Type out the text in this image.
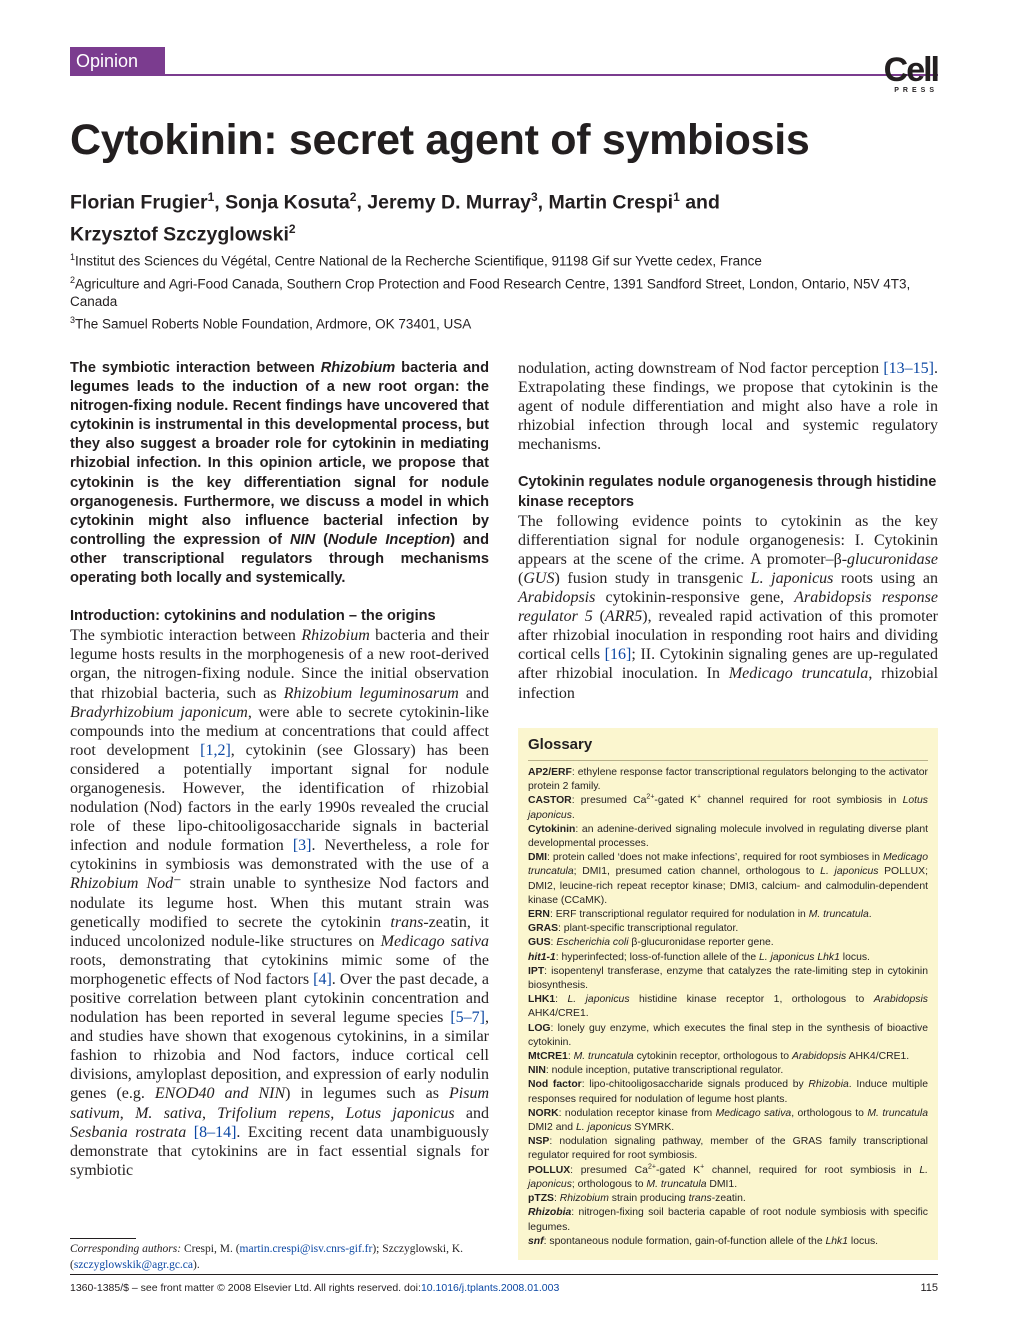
Opinion	Cell
PRESS
Cytokinin: secret agent of symbiosis
Florian Frugier$^1$, Sonja Kosuta$^2$, Jeremy D. Murray$^3$, Martin Crespi$^1$ and
Krzysztof Szczyglowski$^2$
$^1$Institut des Sciences du Végétal, Centre National de la Recherche Scientifique, 91198 Gif sur Yvette cedex, France
$^2$Agriculture and Agri-Food Canada, Southern Crop Protection and Food Research Centre, 1391 Sandford Street, London, Ontario, N5V 4T3, Canada
$^3$The Samuel Roberts Noble Foundation, Ardmore, OK 73401, USA

The symbiotic interaction between Rhizobium bacteria and legumes leads to the induction of a new root organ: the nitrogen-fixing nodule. Recent findings have uncovered that cytokinin is instrumental in this developmental process, but they also suggest a broader role for cytokinin in mediating rhizobial infection. In this opinion article, we propose that cytokinin is the key differentiation signal for nodule organogenesis. Furthermore, we discuss a model in which cytokinin might also influence bacterial infection by controlling the expression of NIN (Nodule Inception) and other transcriptional regulators through mechanisms operating both locally and systemically.

Introduction: cytokinins and nodulation – the origins

The symbiotic interaction between Rhizobium bacteria and their legume hosts results in the morphogenesis of a new root-derived organ, the nitrogen-fixing nodule. Since the initial observation that rhizobial bacteria, such as Rhizobium leguminosarum and Bradyrhizobium japonicum, were able to secrete cytokinin-like compounds into the medium at concentrations that could affect root development [1,2], cytokinin (see Glossary) has been considered a potentially important signal for nodule organogenesis. However, the identification of rhizobial nodulation (Nod) factors in the early 1990s revealed the crucial role of these lipo-chitooligosaccharide signals in bacterial infection and nodule formation [3]. Nevertheless, a role for cytokinins in symbiosis was demonstrated with the use of a Rhizobium Nod⁻ strain unable to synthesize Nod factors and nodulate its legume host. When this mutant strain was genetically modified to secrete the cytokinin trans-zeatin, it induced uncolonized nodule-like structures on Medicago sativa roots, demonstrating that cytokinins mimic some of the morphogenetic effects of Nod factors [4]. Over the past decade, a positive correlation between plant cytokinin concentration and nodulation has been reported in several legume species [5–7], and studies have shown that exogenous cytokinins, in a similar fashion to rhizobia and Nod factors, induce cortical cell divisions, amyloplast deposition, and expression of early nodulin genes (e.g. ENOD40 and NIN) in legumes such as Pisum sativum, M. sativa, Trifolium repens, Lotus japonicus and Sesbania rostrata [8–14]. Exciting recent data unambiguously demonstrate that cytokinins are in fact essential signals for symbiotic

nodulation, acting downstream of Nod factor perception [13–15]. Extrapolating these findings, we propose that cytokinin is the agent of nodule differentiation and might also have a role in rhizobial infection through local and systemic regulatory mechanisms.

Cytokinin regulates nodule organogenesis through histidine kinase receptors

The following evidence points to cytokinin as the key differentiation signal for nodule organogenesis: I. Cytokinin appears at the scene of the crime. A promoter–β-glucuronidase (GUS) fusion study in transgenic L. japonicus roots using an Arabidopsis cytokinin-responsive gene, Arabidopsis response regulator 5 (ARR5), revealed rapid activation of this promoter after rhizobial inoculation in responding root hairs and dividing cortical cells [16]; II. Cytokinin signaling genes are up-regulated after rhizobial inoculation. In Medicago truncatula, rhizobial infection

Glossary

AP2/ERF: ethylene response factor transcriptional regulators belonging to the activator protein 2 family.

CASTOR: presumed $Ca^{2+}$-gated K+ channel required for root symbiosis in Lotus japonicus.

Cytokinin: an adenine-derived signaling molecule involved in regulating diverse plant developmental processes.

DMI: protein called ‘does not make infections’, required for root symbioses in Medicago truncatula; DMI1, presumed cation channel, orthologous to L. japonicus POLLUX; DMI2, leucine-rich repeat receptor kinase; DMI3, calcium- and calmodulin-dependent kinase (CCaMK).

ERN: ERF transcriptional regulator required for nodulation in M. truncatula.

GRAS: plant-specific transcriptional regulator.

GUS: Escherichia coli β-glucuronidase reporter gene.

hit1-1: hyperinfected; loss-of-function allele of the L. japonicus Lhk1 locus.

IPT: isopentenyl transferase, enzyme that catalyzes the rate-limiting step in cytokinin biosynthesis.

LHK1: L. japonicus histidine kinase receptor 1, orthologous to Arabidopsis AHK4/CRE1.

LOG: lonely guy enzyme, which executes the final step in the synthesis of bioactive cytokinin.

MtCRE1: M. truncatula cytokinin receptor, orthologous to Arabidopsis AHK4/CRE1.

NIN: nodule inception, putative transcriptional regulator.

Nod factor: lipo-chitooligosaccharide signals produced by Rhizobia. Induce multiple responses required for nodulation of legume host plants.

NORK: nodulation receptor kinase from Medicago sativa, orthologous to M. truncatula DMI2 and L. japonicus SYMRK.

NSP: nodulation signaling pathway, member of the GRAS family transcriptional regulator required for root symbiosis.

POLLUX: presumed $Ca^{2+}$-gated K+ channel, required for root symbiosis in L. japonicus; orthologous to M. truncatula DMI1.

pTZS: Rhizobium strain producing trans-zeatin.

Rhizobia: nitrogen-fixing soil bacteria capable of root nodule symbiosis with specific legumes.

snf: spontaneous nodule formation, gain-of-function allele of the Lhk1 locus.

Corresponding authors: Crespi, M. (martin.crespi@isv.cnrs-gif.fr); Szczyglowski, K. (szczyglowskik@agr.gc.ca).
1360-1385/$ – see front matter © 2008 Elsevier Ltd. All rights reserved. doi:10.1016/j.tplants.2008.01.003	115
